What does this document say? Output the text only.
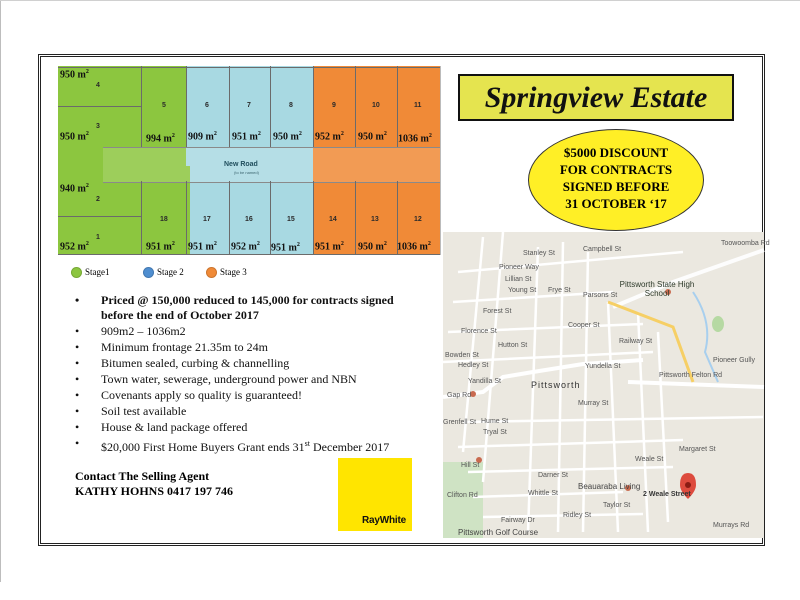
New Road
(to be named)
4
3
2
1
5	6	7	8	9	10	11
18	17	16	15	14	13	12
950 $m^2$
950 $m^2$
940 $m^2$
952 $m^2$
994 $m^2$ 909 $m^2$ 951 $m^2$ 950 $m^2$ 952 $m^2$ 950 $m^2$ 1036 $m^2$
951 $m^2$ 951 $m^2$ 952 $m^2$ 951 $m^2$ 951 $m^2$ 950 $m^2$ 1036 $m^2$
Stage1	Stage 2	Stage 3
• Priced @ 150,000 reduced to 145,000 for contracts signed before the end of October 2017
• 909m2 – 1036m2
• Minimum frontage 21.35m to 24m
• Bitumen sealed, curbing & channelling
• Town water, sewerage, underground power and NBN
• Covenants apply so quality is guaranteed!
• Soil test available
• House & land package offered
• $20,000 First Home Buyers Grant ends 31st December 2017
Contact The Selling Agent
KATHY HOHNS 0417 197 746
RayWhite
Springview Estate
$5000 DISCOUNT
FOR CONTRACTS
SIGNED BEFORE
31 OCTOBER ‘17
Toowoomba Rd
Campbell St
Stanley St
Pioneer Way
Lillian St
Frye St
Young St
Parsons St
Forest St
Florence St
Cooper St
Hutton St
Hedley St
Railway St
Bowden St
Yandilla St
Yundella St
Pittsworth Felton Rd
Gap Rd
Grenfell St Hume St
Tryal St
Weale St
Margaret St
Murray St
Darner St
Whittle St
Taylor St
Ridley St
Hill St
Clifton Rd
Fairway Dr
Pioneer Gully
Murrays Rd
Pittsworth State High School
Beauaraba Living
Pittsworth Golf Course
Pittsworth
2 Weale Street
